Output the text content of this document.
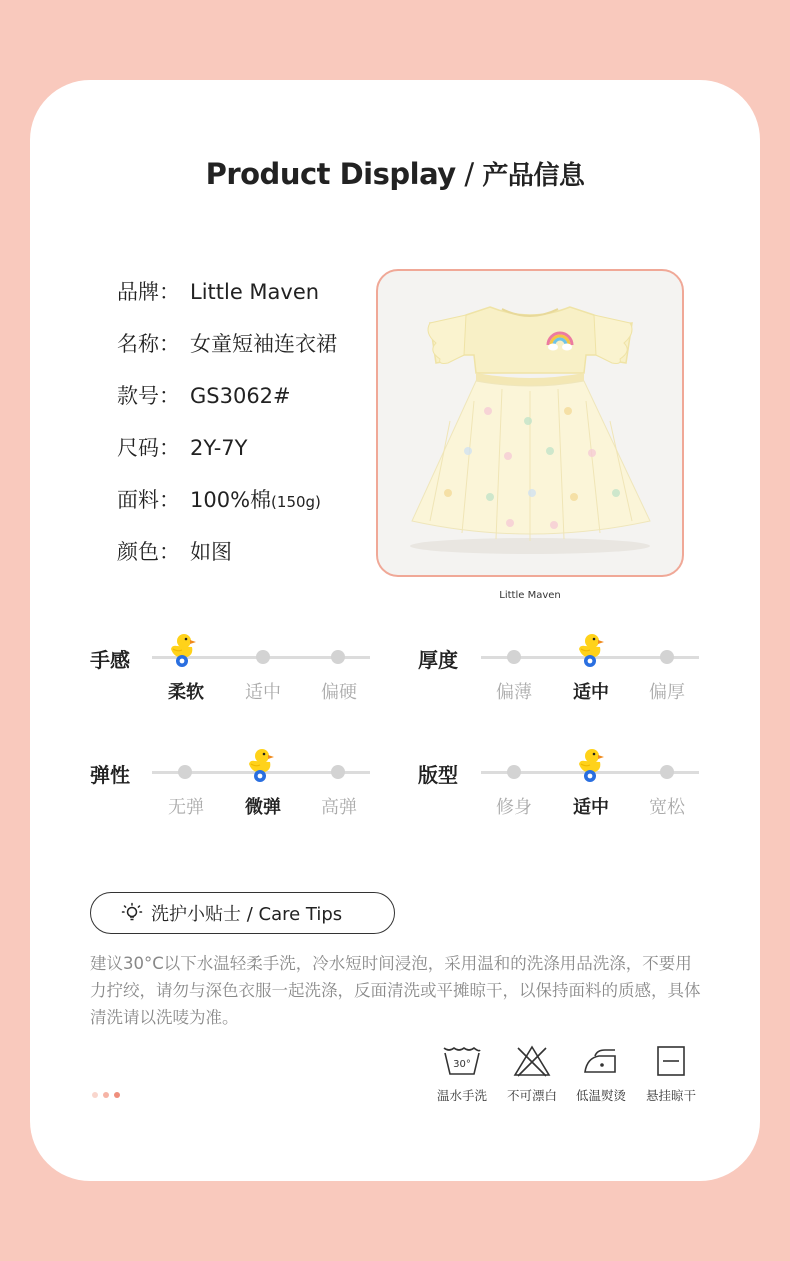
Product Display / 产品信息
品牌： Little Maven
名称： 女童短袖连衣裙
款号： GS3062#
尺码： 2Y-7Y
面料： 100%棉(150g)
颜色： 如图
Little Maven
手感
柔软	适中	偏硬
厚度
偏薄	适中	偏厚
弹性
无弹	微弹	高弹
版型
修身	适中	宽松
洗护小贴士 / Care Tips

建议30°C以下水温轻柔手洗，冷水短时间浸泡，采用温和的洗涤用品洗涤，不要用力拧绞，请勿与深色衣服一起洗涤，反面清洗或平摊晾干，以保持面料的质感，具体清洗请以洗唛为准。

30°
温水手洗	不可漂白	低温熨烫	悬挂晾干
